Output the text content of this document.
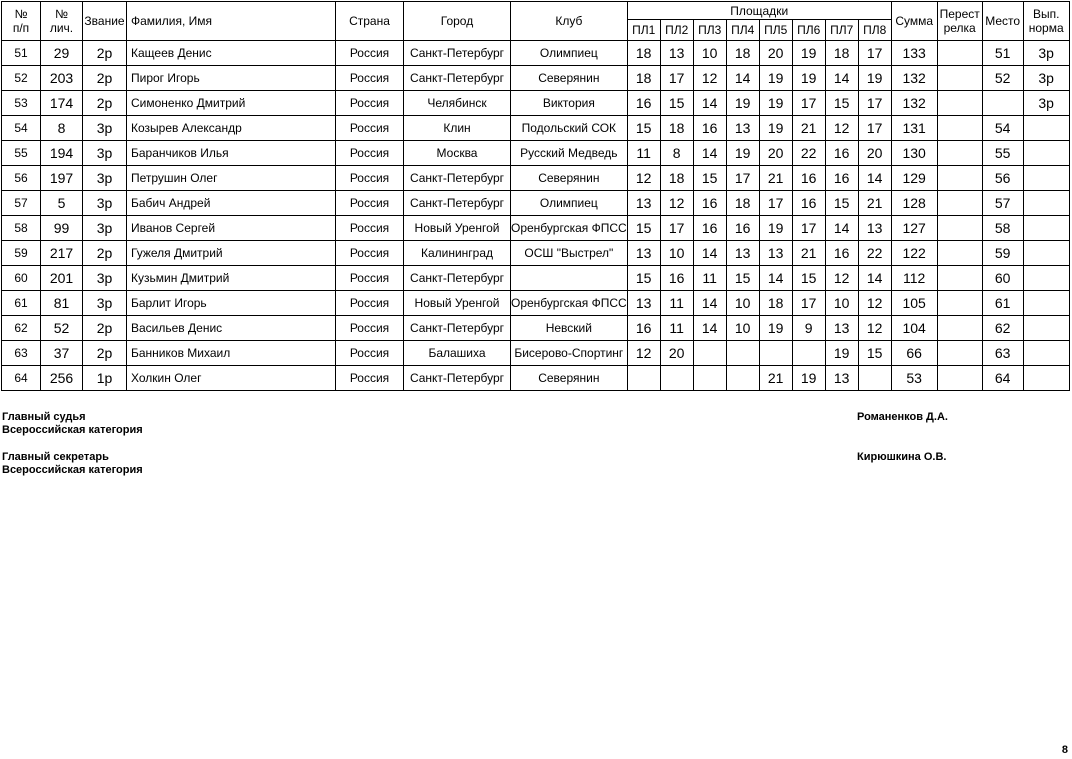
№
п/п	№
лич.	Звание	Фамилия, Имя	Страна	Город	Клуб	Площадки								Сумма	Перест
релка	Место	Вып.
норма
							ПЛ1	ПЛ2	ПЛ3	ПЛ4	ПЛ5	ПЛ6	ПЛ7	ПЛ8				
51	29	2р	Кащеев Денис	Россия	Санкт-Петербург	Олимпиец	18	13	10	18	20	19	18	17	133		51	3р
52	203	2р	Пирог Игорь	Россия	Санкт-Петербург	Северянин	18	17	12	14	19	19	14	19	132		52	3р
53	174	2р	Симоненко Дмитрий	Россия	Челябинск	Виктория	16	15	14	19	19	17	15	17	132			3р
54	8	3р	Козырев Александр	Россия	Клин	Подольский СОК	15	18	16	13	19	21	12	17	131		54	
55	194	3р	Баранчиков Илья	Россия	Москва	Русский Медведь	11	8	14	19	20	22	16	20	130		55	
56	197	3р	Петрушин Олег	Россия	Санкт-Петербург	Северянин	12	18	15	17	21	16	16	14	129		56	
57	5	3р	Бабич Андрей	Россия	Санкт-Петербург	Олимпиец	13	12	16	18	17	16	15	21	128		57	
58	99	3р	Иванов Сергей	Россия	Новый Уренгой	Оренбургская ФПСС	15	17	16	16	19	17	14	13	127		58	
59	217	2р	Гужеля Дмитрий	Россия	Калининград	ОСШ "Выстрел"	13	10	14	13	13	21	16	22	122		59	
60	201	3р	Кузьмин Дмитрий	Россия	Санкт-Петербург		15	16	11	15	14	15	12	14	112		60	
61	81	3р	Барлит Игорь	Россия	Новый Уренгой	Оренбургская ФПСС	13	11	14	10	18	17	10	12	105		61	
62	52	2р	Васильев Денис	Россия	Санкт-Петербург	Невский	16	11	14	10	19	9	13	12	104		62	
63	37	2р	Банников Михаил	Россия	Балашиха	Бисерово-Спортинг	12	20					19	15	66		63	
64	256	1р	Холкин Олег	Россия	Санкт-Петербург	Северянин					21	19	13		53		64	
Главный судья
Всероссийская категория
Романенков Д.А.
Главный секретарь
Всероссийская категория
Кирюшкина О.В.
8
